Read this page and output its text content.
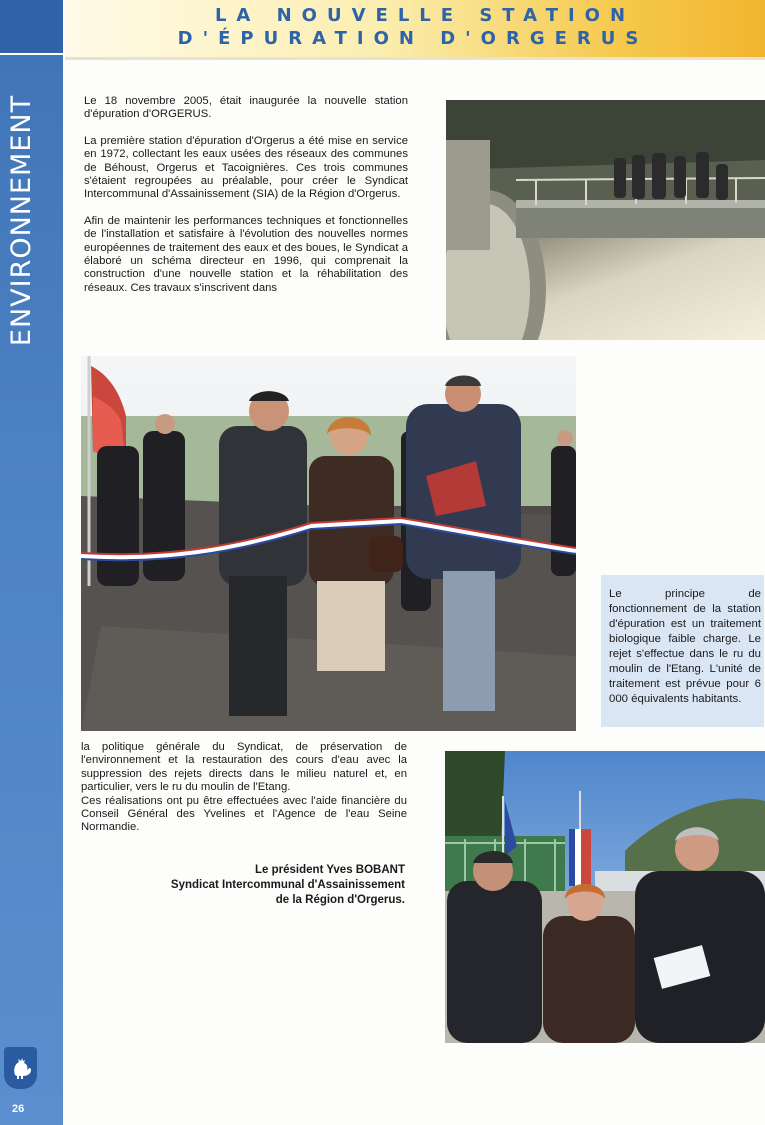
ENVIRONNEMENT
26
LA NOUVELLE STATION
D'ÉPURATION D'ORGERUS

Le 18 novembre 2005, était inaugurée la nouvelle station d'épuration d'ORGERUS.

La première station d'épuration d'Orgerus a été mise en service en 1972, collectant les eaux usées des réseaux des communes de Béhoust, Orgerus et Tacoignières. Ces trois communes s'étaient regroupées au préalable, pour créer le Syndicat Intercommunal d'Assainissement (SIA) de la Région d'Orgerus.

Afin de maintenir les performances techniques et fonctionnelles de l'installation et satisfaire à l'évolution des nouvelles normes européennes de traitement des eaux et des boues, le Syndicat a élaboré un schéma directeur en 1996, qui comprenait la construction d'une nouvelle station et la réhabilitation des réseaux. Ces travaux s'inscrivent dans

Le principe de fonctionnement de la station d'épuration est un traitement biologique faible charge. Le rejet s'effectue dans le ru du moulin de l'Etang. L'unité de traitement est prévue pour 6 000 équivalents habitants.

la politique générale du Syndicat, de préservation de l'environnement et la restauration des cours d'eau avec la suppression des rejets directs dans le milieu naturel et, en particulier, vers le ru du moulin de l'Etang.

Ces réalisations ont pu être effectuées avec l'aide financière du Conseil Général des Yvelines et l'Agence de l'eau Seine Normandie.

Le président Yves BOBANT
Syndicat Intercommunal d'Assainissement
de la Région d'Orgerus.
